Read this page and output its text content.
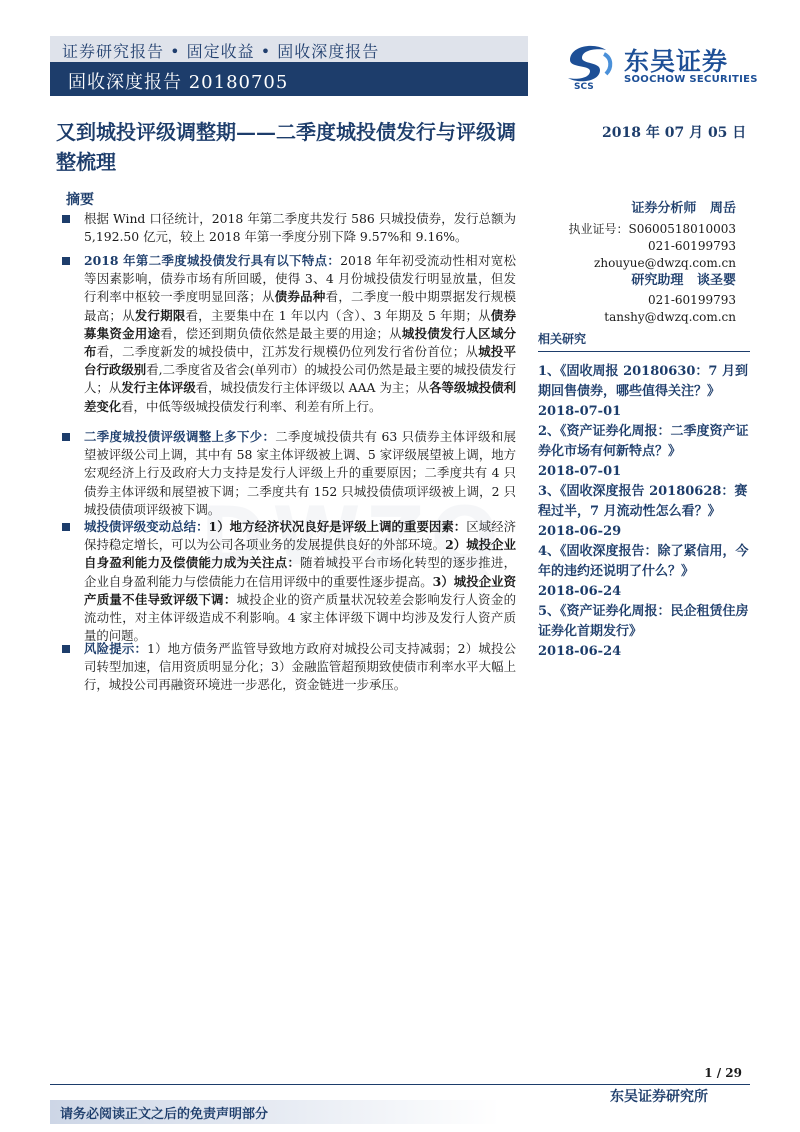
证券研究报告 • 固定收益 • 固收深度报告
固收深度报告 20180705	SCS
东吴证券
SOOCHOW SECURITIES
又到城投评级调整期——二季度城投债发行与评级调整梳理
2018 年 07 月 05 日
摘要
根据 Wind 口径统计，2018 年第二季度共发行 586 只城投债券，发行总额为 5,192.50 亿元，较上 2018 年第一季度分别下降 9.57%和 9.16%。
2018 年第二季度城投债发行具有以下特点：2018 年年初受流动性相对宽松等因素影响，债券市场有所回暖，使得 3、4 月份城投债发行明显放量，但发行利率中枢较一季度明显回落；从债券品种看，二季度一般中期票据发行规模最高；从发行期限看，主要集中在 1 年以内（含）、3 年期及 5 年期；从债券募集资金用途看，偿还到期负债依然是最主要的用途；从城投债发行人区域分布看，二季度新发的城投债中，江苏发行规模仍位列发行省份首位；从城投平台行政级别看,二季度省及省会(单列市）的城投公司仍然是最主要的城投债发行人；从发行主体评级看，城投债发行主体评级以 AAA 为主；从各等级城投债利差变化看，中低等级城投债发行利率、利差有所上行。
二季度城投债评级调整上多下少：二季度城投债共有 63 只债券主体评级和展望被评级公司上调，其中有 58 家主体评级被上调、5 家评级展望被上调，地方宏观经济上行及政府大力支持是发行人评级上升的重要原因；二季度共有 4 只债券主体评级和展望被下调；二季度共有 152 只城投债债项评级被上调，2 只城投债债项评级被下调。
城投债评级变动总结：1）地方经济状况良好是评级上调的重要因素：区域经济保持稳定增长，可以为公司各项业务的发展提供良好的外部环境。2）城投企业自身盈利能力及偿债能力成为关注点：随着城投平台市场化转型的逐步推进，企业自身盈利能力与偿债能力在信用评级中的重要性逐步提高。3）城投企业资产质量不佳导致评级下调：城投企业的资产质量状况较差会影响发行人资金的流动性，对主体评级造成不利影响。4 家主体评级下调中均涉及发行人资产质量的问题。
风险提示：1）地方债务严监管导致地方政府对城投公司支持减弱；2）城投公司转型加速，信用资质明显分化；3）金融监管超预期致使债市利率水平大幅上行，城投公司再融资环境进一步恶化，资金链进一步承压。
证券分析师 周岳
执业证号：S0600518010003
021-60199793
zhouyue@dwzq.com.cn
研究助理 谈圣婴
021-60199793
tanshy@dwzq.com.cn
相关研究
1、《固收周报 20180630：7 月到期回售债券，哪些值得关注？》
2018-07-01
2、《资产证券化周报：二季度资产证券化市场有何新特点？》
2018-07-01
3、《固收深度报告 20180628：赛程过半，7 月流动性怎么看？》
2018-06-29
4、《固收深度报告：除了紧信用，今年的违约还说明了什么？》
2018-06-24
5、《资产证券化周报：民企租赁住房证券化首期发行》
2018-06-24
1 / 29
东吴证券研究所
请务必阅读正文之后的免责声明部分
